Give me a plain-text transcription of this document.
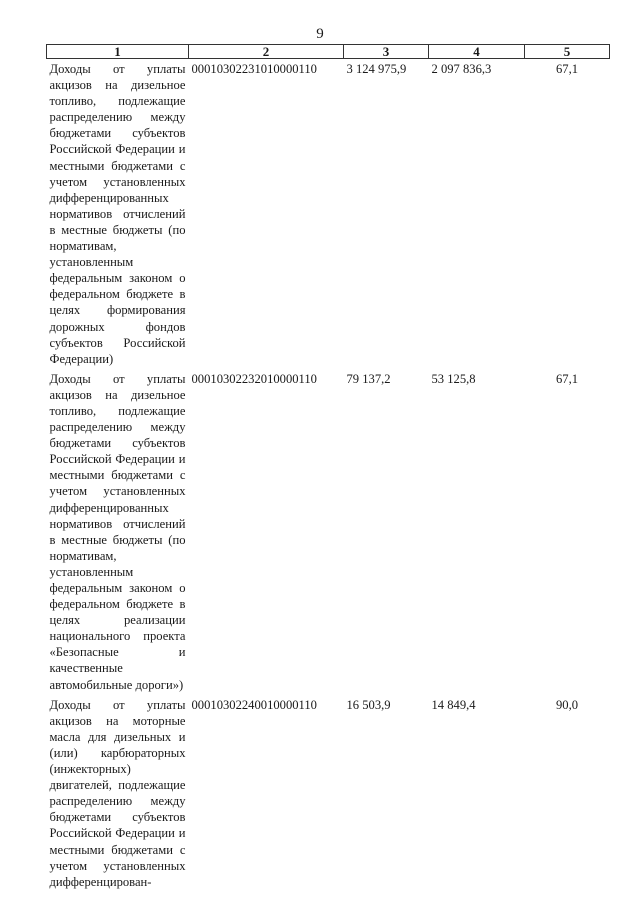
9
1	2	3	4	5

Доходы от уплаты акцизов на дизельное топливо, подлежащие распределению между бюджетами субъектов Российской Федерации и местными бюджетами с учетом установленных дифференцированных нормативов отчислений в местные бюджеты (по нормативам, установленным федеральным законом о федеральном бюджете в целях формирования дорожных фондов субъектов Российской Федерации)	00010302231010000110	3 124 975,9	2 097 836,3	67,1

Доходы от уплаты акцизов на дизельное топливо, подлежащие распределению между бюджетами субъектов Российской Федерации и местными бюджетами с учетом установленных дифференцированных нормативов отчислений в местные бюджеты (по нормативам, установленным федеральным законом о федеральном бюджете в целях реализации национального проекта «Безопасные и качественные автомобильные дороги»)	00010302232010000110	79 137,2	53 125,8	67,1

Доходы от уплаты акцизов на моторные масла для дизельных и (или) карбюраторных (инжекторных) двигателей, подлежащие распределению между бюджетами субъектов Российской Федерации и местными бюджетами с учетом установленных дифференцирован-	00010302240010000110	16 503,9	14 849,4	90,0
